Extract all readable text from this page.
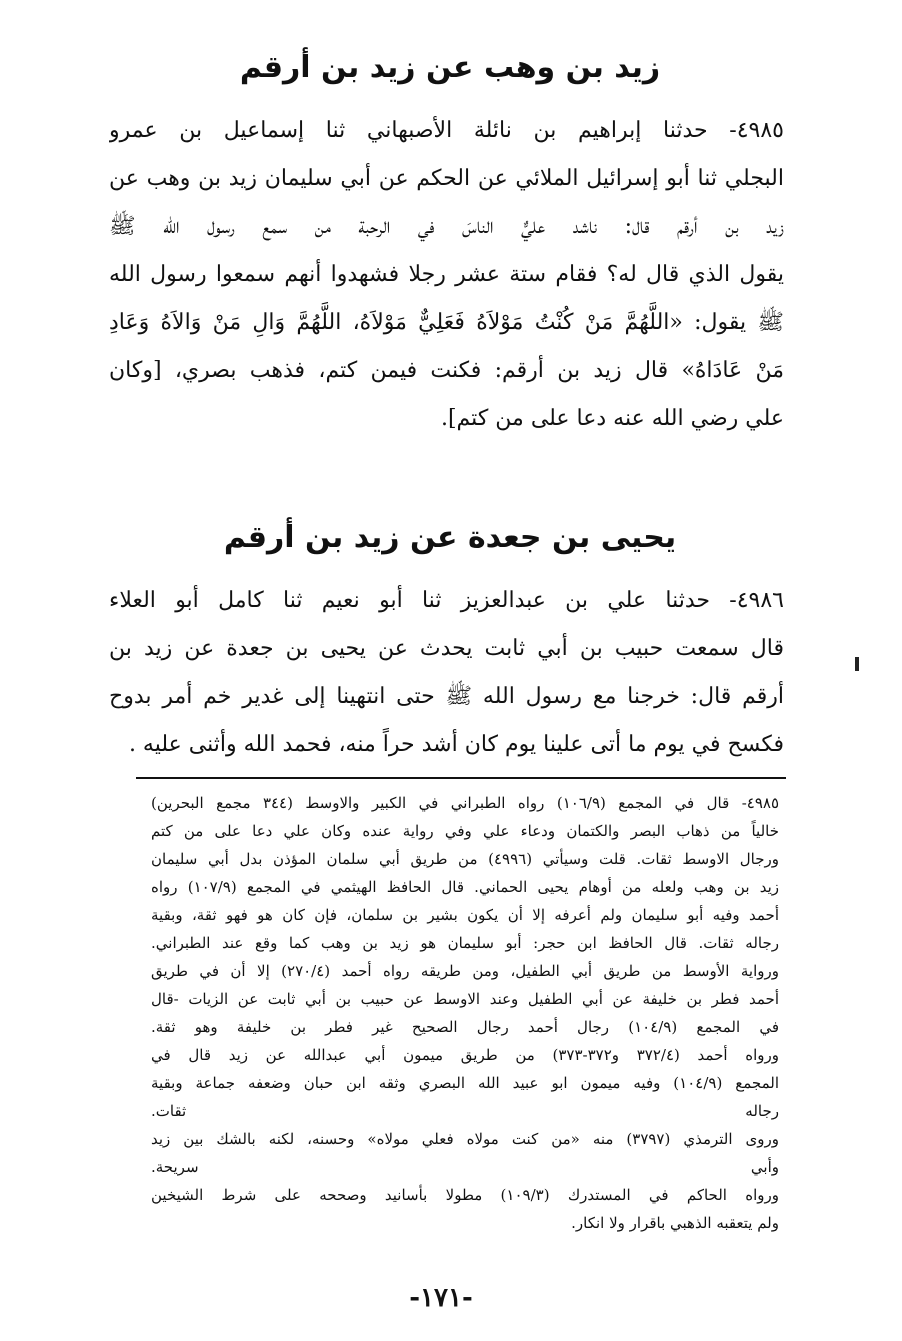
زيد بن وهب عن زيد بن أرقم
٤٩٨٥- حدثنا إبراهيم بن نائلة الأصبهاني ثنا إسماعيل بن عمرو
البجلي ثنا أبو إسرائيل الملائي عن الحكم عن أبي سليمان زيد بن وهب عن
زيد بن أرقم قال: ناشد عليٌّ الناسَ في الرحبة من سمع رسول الله ﷺ
يقول الذي قال له؟ فقام ستة عشر رجلا فشهدوا أنهم سمعوا رسول الله
ﷺ يقول: «اللَّهُمَّ مَنْ كُنْتُ مَوْلاَهُ فَعَلِيٌّ مَوْلاَهُ، اللَّهُمَّ وَالِ مَنْ وَالاَهُ وَعَادِ
مَنْ عَادَاهُ» قال زيد بن أرقم: فكنت فيمن كتم، فذهب بصري، [وكان
علي رضي الله عنه دعا على من كتم].
يحيى بن جعدة عن زيد بن أرقم
٤٩٨٦- حدثنا علي بن عبدالعزيز ثنا أبو نعيم ثنا كامل أبو العلاء
قال سمعت حبيب بن أبي ثابت يحدث عن يحيى بن جعدة عن زيد بن
أرقم قال: خرجنا مع رسول الله ﷺ حتى انتهينا إلى غدير خم أمر بدوح
فكسح في يوم ما أتى علينا يوم كان أشد حراً منه، فحمد الله وأثنى عليه .
٤٩٨٥- قال في المجمع (١٠٦/٩) رواه الطبراني في الكبير والاوسط (٣٤٤ مجمع البحرين)
خالياً من ذهاب البصر والكتمان ودعاء علي وفي رواية عنده وكان علي دعا على من كتم
ورجال الاوسط ثقات. قلت وسيأتي (٤٩٩٦) من طريق أبي سلمان المؤذن بدل أبي سليمان
زيد بن وهب ولعله من أوهام يحيى الحماني. قال الحافظ الهيثمي في المجمع (١٠٧/٩) رواه
أحمد وفيه أبو سليمان ولم أعرفه إلا أن يكون بشير بن سلمان، فإن كان هو فهو ثقة، وبقية
رجاله ثقات. قال الحافظ ابن حجر: أبو سليمان هو زيد بن وهب كما وقع عند الطبراني.
ورواية الأوسط من طريق أبي الطفيل، ومن طريقه رواه أحمد (٢٧٠/٤) إلا أن في طريق
أحمد فطر بن خليفة عن أبي الطفيل وعند الاوسط عن حبيب بن أبي ثابت عن الزيات -قال
في المجمع (١٠٤/٩) رجال أحمد رجال الصحيح غير فطر بن خليفة وهو ثقة.
ورواه أحمد (٣٧٢/٤ و٣٧٢-٣٧٣) من طريق ميمون أبي عبدالله عن زيد قال في
المجمع (١٠٤/٩) وفيه ميمون ابو عبيد الله البصري وثقه ابن حبان وضعفه جماعة وبقية
رجاله ثقات.
وروى الترمذي (٣٧٩٧) منه «من كنت مولاه فعلي مولاه» وحسنه، لكنه بالشك بين زيد
وأبي سريحة.
ورواه الحاكم في المستدرك (١٠٩/٣) مطولا بأسانيد وصححه على شرط الشيخين
ولم يتعقبه الذهبي باقرار ولا انكار.
-١٧١-
